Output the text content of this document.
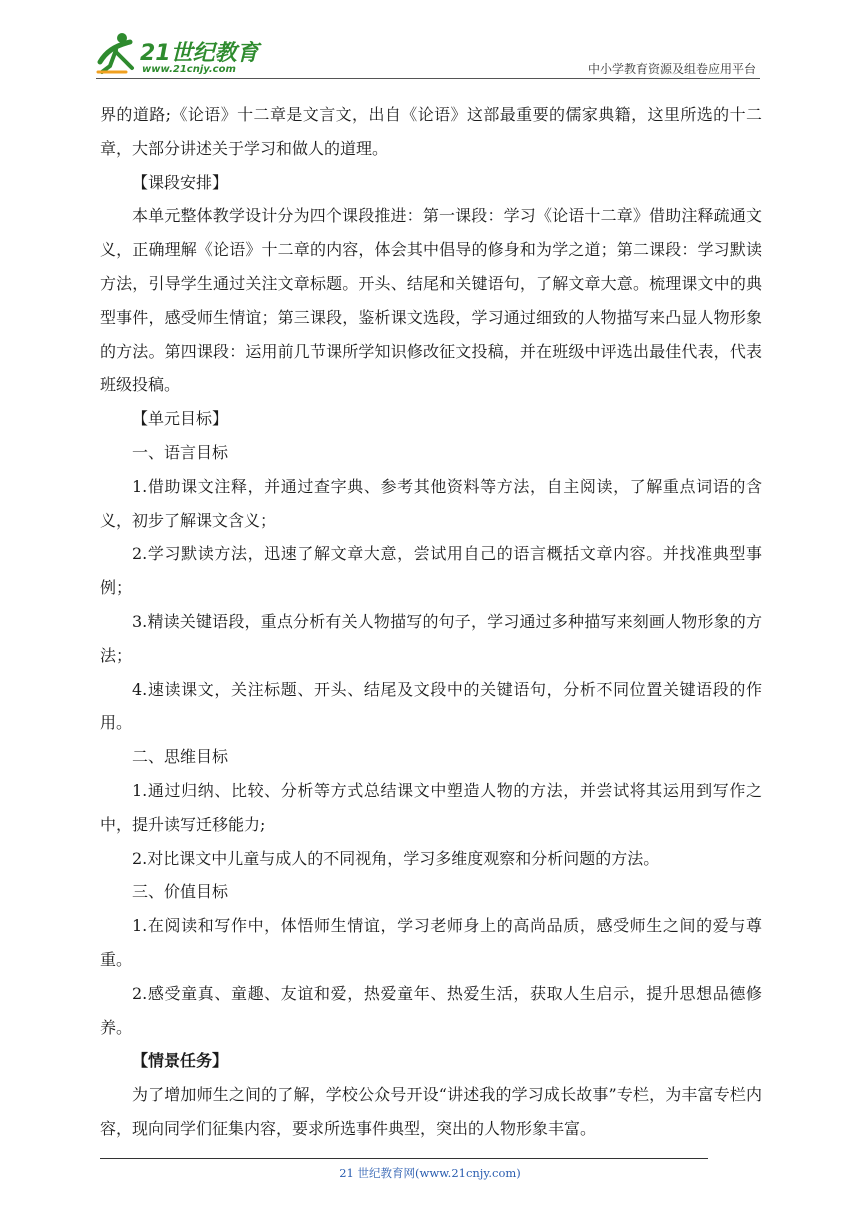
21世纪教育
www.21cnjy.com	中小学教育资源及组卷应用平台

界的道路;《论语》十二章是文言文，出自《论语》这部最重要的儒家典籍，这里所选的十二章，大部分讲述关于学习和做人的道理。

【课段安排】

本单元整体教学设计分为四个课段推进：第一课段：学习《论语十二章》借助注释疏通文义，正确理解《论语》十二章的内容，体会其中倡导的修身和为学之道；第二课段：学习默读方法，引导学生通过关注文章标题。开头、结尾和关键语句，了解文章大意。梳理课文中的典型事件，感受师生情谊；第三课段，鉴析课文选段，学习通过细致的人物描写来凸显人物形象的方法。第四课段：运用前几节课所学知识修改征文投稿，并在班级中评选出最佳代表，代表班级投稿。

【单元目标】

一、语言目标

1.借助课文注释，并通过查字典、参考其他资料等方法，自主阅读，了解重点词语的含义，初步了解课文含义；

2.学习默读方法，迅速了解文章大意，尝试用自己的语言概括文章内容。并找准典型事例；

3.精读关键语段，重点分析有关人物描写的句子，学习通过多种描写来刻画人物形象的方法；

4.速读课文，关注标题、开头、结尾及文段中的关键语句，分析不同位置关键语段的作用。

二、思维目标

1.通过归纳、比较、分析等方式总结课文中塑造人物的方法，并尝试将其运用到写作之中，提升读写迁移能力;

2.对比课文中儿童与成人的不同视角，学习多维度观察和分析问题的方法。

三、价值目标

1.在阅读和写作中，体悟师生情谊，学习老师身上的高尚品质，感受师生之间的爱与尊重。

2.感受童真、童趣、友谊和爱，热爱童年、热爱生活，获取人生启示，提升思想品德修养。

【情景任务】

为了增加师生之间的了解，学校公众号开设“讲述我的学习成长故事”专栏，为丰富专栏内容，现向同学们征集内容，要求所选事件典型，突出的人物形象丰富。

21 世纪教育网(www.21cnjy.com)
